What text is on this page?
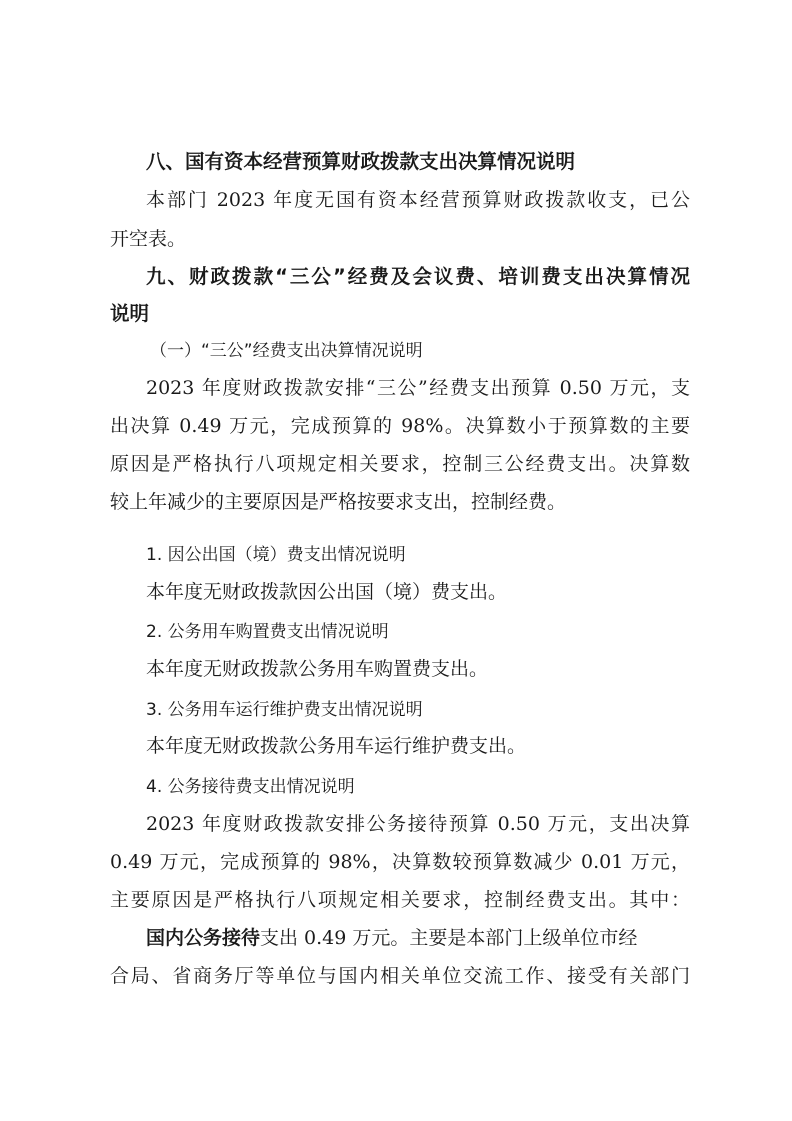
八、国有资本经营预算财政拨款支出决算情况说明
本部门 2023 年度无国有资本经营预算财政拨款收支，已公
开空表。
九、财政拨款“三公”经费及会议费、培训费支出决算情况
说明
（一）“三公”经费支出决算情况说明
2023 年度财政拨款安排“三公”经费支出预算 0.50 万元，支
出决算 0.49 万元，完成预算的 98%。决算数小于预算数的主要
原因是严格执行八项规定相关要求，控制三公经费支出。决算数
较上年减少的主要原因是严格按要求支出，控制经费。
1. 因公出国（境）费支出情况说明
本年度无财政拨款因公出国（境）费支出。
2. 公务用车购置费支出情况说明
本年度无财政拨款公务用车购置费支出。
3. 公务用车运行维护费支出情况说明
本年度无财政拨款公务用车运行维护费支出。
4. 公务接待费支出情况说明
2023 年度财政拨款安排公务接待预算 0.50 万元，支出决算
0.49 万元，完成预算的 98%，决算数较预算数减少 0.01 万元，
主要原因是严格执行八项规定相关要求，控制经费支出。其中：
国内公务接待支出 0.49 万元。主要是本部门上级单位市经
合局、省商务厅等单位与国内相关单位交流工作、接受有关部门
